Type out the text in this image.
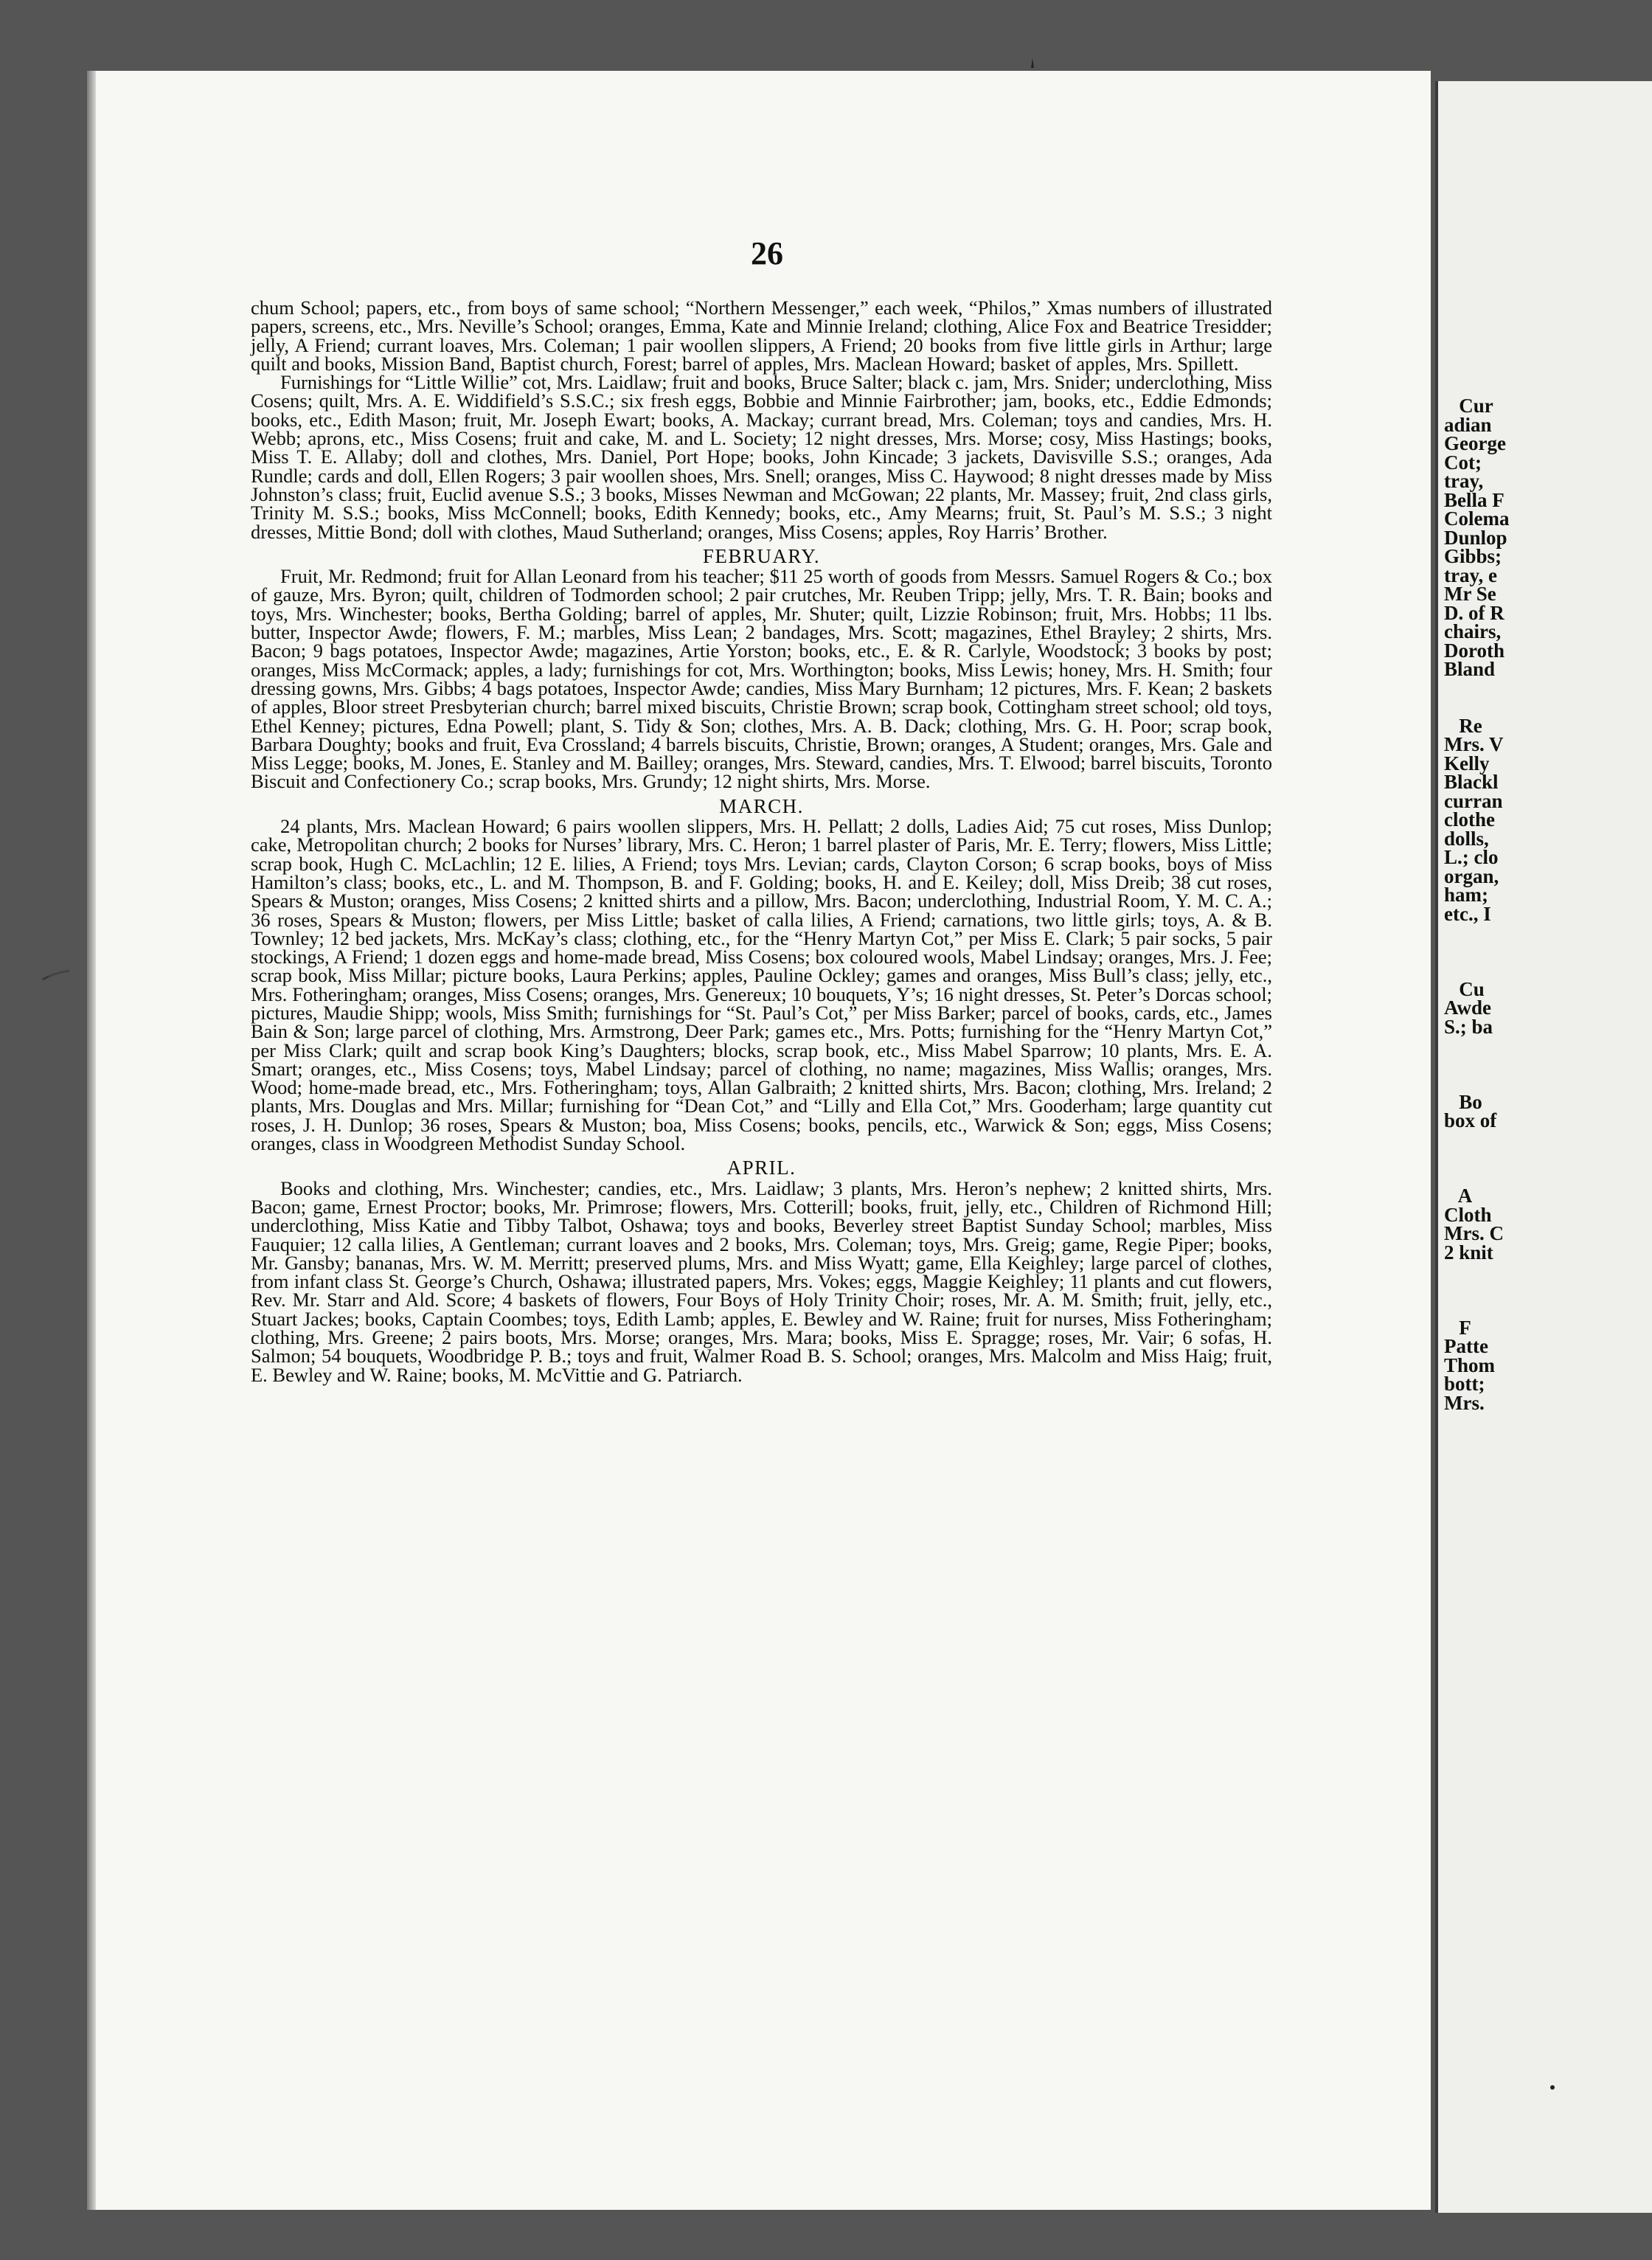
Cur
adian
George
Cot;
tray,
Bella F
Colema
Dunlop
Gibbs;
tray, e
Mr Se
D. of R
chairs,
Doroth
Bland

Re
Mrs. V
Kelly
Blackl
curran
clothe
dolls,
L.; clo
organ,
ham;
etc., I

Cu
Awde
S.; ba

Bo
box of

A
Cloth
Mrs. C
2 knit

F
Patte
Thom
bott;
Mrs.
26

chum School; papers, etc., from boys of same school; “Northern Messenger,” each week, “Philos,” Xmas numbers of illustrated papers, screens, etc., Mrs. Neville’s School; oranges, Emma, Kate and Minnie Ireland; clothing, Alice Fox and Beatrice Tresidder; jelly, A Friend; currant loaves, Mrs. Coleman; 1 pair woollen slippers, A Friend; 20 books from five little girls in Arthur; large quilt and books, Mission Band, Baptist church, Forest; barrel of apples, Mrs. Maclean Howard; basket of apples, Mrs. Spillett.

Furnishings for “Little Willie” cot, Mrs. Laidlaw; fruit and books, Bruce Salter; black c. jam, Mrs. Snider; underclothing, Miss Cosens; quilt, Mrs. A. E. Widdifield’s S.S.C.; six fresh eggs, Bobbie and Minnie Fairbrother; jam, books, etc., Eddie Edmonds; books, etc., Edith Mason; fruit, Mr. Joseph Ewart; books, A. Mackay; currant bread, Mrs. Coleman; toys and candies, Mrs. H. Webb; aprons, etc., Miss Cosens; fruit and cake, M. and L. Society; 12 night dresses, Mrs. Morse; cosy, Miss Hastings; books, Miss T. E. Allaby; doll and clothes, Mrs. Daniel, Port Hope; books, John Kincade; 3 jackets, Davisville S.S.; oranges, Ada Rundle; cards and doll, Ellen Rogers; 3 pair woollen shoes, Mrs. Snell; oranges, Miss C. Haywood; 8 night dresses made by Miss Johnston’s class; fruit, Euclid avenue S.S.; 3 books, Misses Newman and McGowan; 22 plants, Mr. Massey; fruit, 2nd class girls, Trinity M. S.S.; books, Miss McConnell; books, Edith Kennedy; books, etc., Amy Mearns; fruit, St. Paul’s M. S.S.; 3 night dresses, Mittie Bond; doll with clothes, Maud Sutherland; oranges, Miss Cosens; apples, Roy Harris’ Brother.

FEBRUARY.

Fruit, Mr. Redmond; fruit for Allan Leonard from his teacher; $11 25 worth of goods from Messrs. Samuel Rogers & Co.; box of gauze, Mrs. Byron; quilt, children of Todmorden school; 2 pair crutches, Mr. Reuben Tripp; jelly, Mrs. T. R. Bain; books and toys, Mrs. Winchester; books, Bertha Golding; barrel of apples, Mr. Shuter; quilt, Lizzie Robinson; fruit, Mrs. Hobbs; 11 lbs. butter, Inspector Awde; flowers, F. M.; marbles, Miss Lean; 2 bandages, Mrs. Scott; magazines, Ethel Brayley; 2 shirts, Mrs. Bacon; 9 bags potatoes, Inspector Awde; magazines, Artie Yorston; books, etc., E. & R. Carlyle, Woodstock; 3 books by post; oranges, Miss McCormack; apples, a lady; furnishings for cot, Mrs. Worthington; books, Miss Lewis; honey, Mrs. H. Smith; four dressing gowns, Mrs. Gibbs; 4 bags potatoes, Inspector Awde; candies, Miss Mary Burnham; 12 pictures, Mrs. F. Kean; 2 baskets of apples, Bloor street Presbyterian church; barrel mixed biscuits, Christie Brown; scrap book, Cottingham street school; old toys, Ethel Kenney; pictures, Edna Powell; plant, S. Tidy & Son; clothes, Mrs. A. B. Dack; clothing, Mrs. G. H. Poor; scrap book, Barbara Doughty; books and fruit, Eva Crossland; 4 barrels biscuits, Christie, Brown; oranges, A Student; oranges, Mrs. Gale and Miss Legge; books, M. Jones, E. Stanley and M. Bailley; oranges, Mrs. Steward, candies, Mrs. T. Elwood; barrel biscuits, Toronto Biscuit and Confectionery Co.; scrap books, Mrs. Grundy; 12 night shirts, Mrs. Morse.

MARCH.

24 plants, Mrs. Maclean Howard; 6 pairs woollen slippers, Mrs. H. Pellatt; 2 dolls, Ladies Aid; 75 cut roses, Miss Dunlop; cake, Metropolitan church; 2 books for Nurses’ library, Mrs. C. Heron; 1 barrel plaster of Paris, Mr. E. Terry; flowers, Miss Little; scrap book, Hugh C. McLachlin; 12 E. lilies, A Friend; toys Mrs. Levian; cards, Clayton Corson; 6 scrap books, boys of Miss Hamilton’s class; books, etc., L. and M. Thompson, B. and F. Golding; books, H. and E. Keiley; doll, Miss Dreib; 38 cut roses, Spears & Muston; oranges, Miss Cosens; 2 knitted shirts and a pillow, Mrs. Bacon; underclothing, Industrial Room, Y. M. C. A.; 36 roses, Spears & Muston; flowers, per Miss Little; basket of calla lilies, A Friend; carnations, two little girls; toys, A. & B. Townley; 12 bed jackets, Mrs. McKay’s class; clothing, etc., for the “Henry Martyn Cot,” per Miss E. Clark; 5 pair socks, 5 pair stockings, A Friend; 1 dozen eggs and home-made bread, Miss Cosens; box coloured wools, Mabel Lindsay; oranges, Mrs. J. Fee; scrap book, Miss Millar; picture books, Laura Perkins; apples, Pauline Ockley; games and oranges, Miss Bull’s class; jelly, etc., Mrs. Fotheringham; oranges, Miss Cosens; oranges, Mrs. Genereux; 10 bouquets, Y’s; 16 night dresses, St. Peter’s Dorcas school; pictures, Maudie Shipp; wools, Miss Smith; furnishings for “St. Paul’s Cot,” per Miss Barker; parcel of books, cards, etc., James Bain & Son; large parcel of clothing, Mrs. Armstrong, Deer Park; games etc., Mrs. Potts; furnishing for the “Henry Martyn Cot,” per Miss Clark; quilt and scrap book King’s Daughters; blocks, scrap book, etc., Miss Mabel Sparrow; 10 plants, Mrs. E. A. Smart; oranges, etc., Miss Cosens; toys, Mabel Lindsay; parcel of clothing, no name; magazines, Miss Wallis; oranges, Mrs. Wood; home-made bread, etc., Mrs. Fotheringham; toys, Allan Galbraith; 2 knitted shirts, Mrs. Bacon; clothing, Mrs. Ireland; 2 plants, Mrs. Douglas and Mrs. Millar; furnishing for “Dean Cot,” and “Lilly and Ella Cot,” Mrs. Gooderham; large quantity cut roses, J. H. Dunlop; 36 roses, Spears & Muston; boa, Miss Cosens; books, pencils, etc., Warwick & Son; eggs, Miss Cosens; oranges, class in Woodgreen Methodist Sunday School.

APRIL.

Books and clothing, Mrs. Winchester; candies, etc., Mrs. Laidlaw; 3 plants, Mrs. Heron’s nephew; 2 knitted shirts, Mrs. Bacon; game, Ernest Proctor; books, Mr. Primrose; flowers, Mrs. Cotterill; books, fruit, jelly, etc., Children of Richmond Hill; underclothing, Miss Katie and Tibby Talbot, Oshawa; toys and books, Beverley street Baptist Sunday School; marbles, Miss Fauquier; 12 calla lilies, A Gentleman; currant loaves and 2 books, Mrs. Coleman; toys, Mrs. Greig; game, Regie Piper; books, Mr. Gansby; bananas, Mrs. W. M. Merritt; preserved plums, Mrs. and Miss Wyatt; game, Ella Keighley; large parcel of clothes, from infant class St. George’s Church, Oshawa; illustrated papers, Mrs. Vokes; eggs, Maggie Keighley; 11 plants and cut flowers, Rev. Mr. Starr and Ald. Score; 4 baskets of flowers, Four Boys of Holy Trinity Choir; roses, Mr. A. M. Smith; fruit, jelly, etc., Stuart Jackes; books, Captain Coombes; toys, Edith Lamb; apples, E. Bewley and W. Raine; fruit for nurses, Miss Fotheringham; clothing, Mrs. Greene; 2 pairs boots, Mrs. Morse; oranges, Mrs. Mara; books, Miss E. Spragge; roses, Mr. Vair; 6 sofas, H. Salmon; 54 bouquets, Woodbridge P. B.; toys and fruit, Walmer Road B. S. School; oranges, Mrs. Malcolm and Miss Haig; fruit, E. Bewley and W. Raine; books, M. McVittie and G. Patriarch.
